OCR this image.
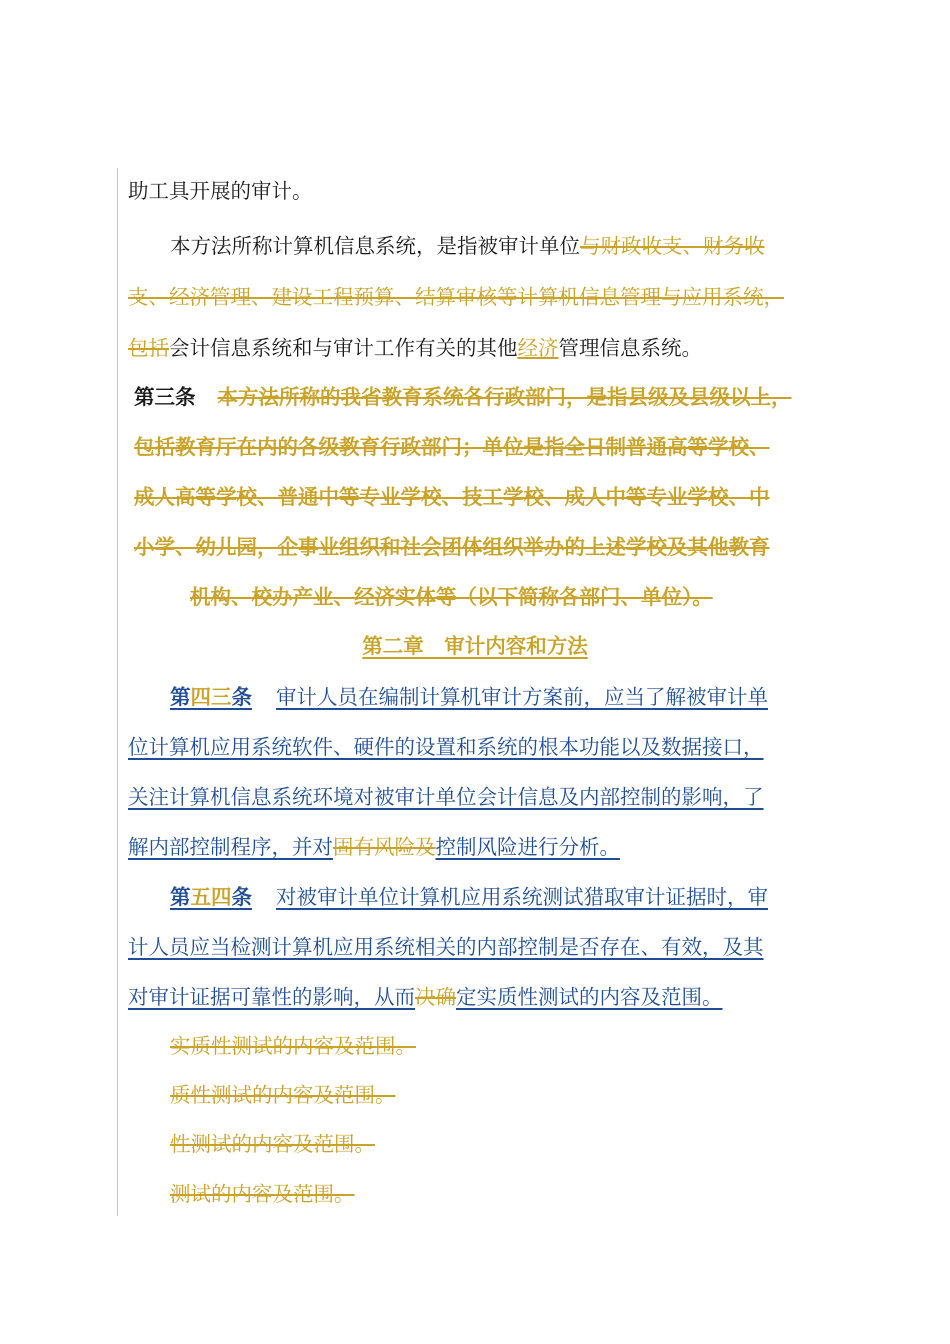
助工具开展的审计。
本方法所称计算机信息系统，是指被审计单位与财政收支、财务收
支、经济管理、建设工程预算、结算审核等计算机信息管理与应用系统，
包括会计信息系统和与审计工作有关的其他经济管理信息系统。
第三条 本方法所称的我省教育系统各行政部门，是指县级及县级以上，
包括教育厅在内的各级教育行政部门；单位是指全日制普通高等学校、
成人高等学校、普通中等专业学校、技工学校、成人中等专业学校、中
小学、幼儿园，企事业组织和社会团体组织举办的上述学校及其他教育
机构、校办产业、经济实体等（以下简称各部门、单位）。
第二章　审计内容和方法
第四三条 审计人员在编制计算机审计方案前，应当了解被审计单
位计算机应用系统软件、硬件的设置和系统的根本功能以及数据接口，
关注计算机信息系统环境对被审计单位会计信息及内部控制的影响，了
解内部控制程序，并对固有风险及控制风险进行分析。
第五四条 对被审计单位计算机应用系统测试猎取审计证据时，审
计人员应当检测计算机应用系统相关的内部控制是否存在、有效，及其
对审计证据可靠性的影响，从而决确定实质性测试的内容及范围。
实质性测试的内容及范围。
质性测试的内容及范围。
性测试的内容及范围。
测试的内容及范围。
